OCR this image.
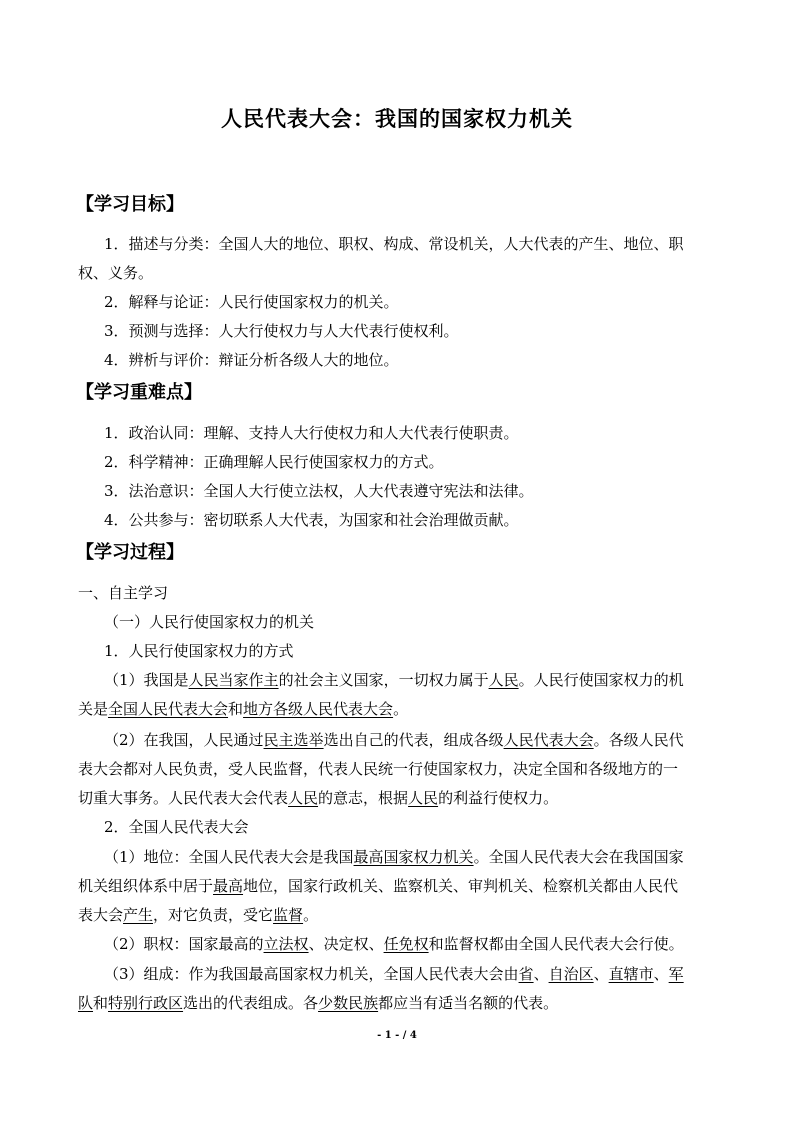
人民代表大会：我国的国家权力机关
【学习目标】
1．描述与分类：全国人大的地位、职权、构成、常设机关，人大代表的产生、地位、职
权、义务。
2．解释与论证：人民行使国家权力的机关。
3．预测与选择：人大行使权力与人大代表行使权利。
4．辨析与评价：辩证分析各级人大的地位。
【学习重难点】
1．政治认同：理解、支持人大行使权力和人大代表行使职责。
2．科学精神：正确理解人民行使国家权力的方式。
3．法治意识：全国人大行使立法权，人大代表遵守宪法和法律。
4．公共参与：密切联系人大代表，为国家和社会治理做贡献。
【学习过程】
一、自主学习
（一）人民行使国家权力的机关
1．人民行使国家权力的方式
（1）我国是人民当家作主的社会主义国家，一切权力属于人民。人民行使国家权力的机
关是全国人民代表大会和地方各级人民代表大会。
（2）在我国，人民通过民主选举选出自己的代表，组成各级人民代表大会。各级人民代
表大会都对人民负责，受人民监督，代表人民统一行使国家权力，决定全国和各级地方的一
切重大事务。人民代表大会代表人民的意志，根据人民的利益行使权力。
2．全国人民代表大会
（1）地位：全国人民代表大会是我国最高国家权力机关。全国人民代表大会在我国国家
机关组织体系中居于最高地位，国家行政机关、监察机关、审判机关、检察机关都由人民代
表大会产生，对它负责，受它监督。
（2）职权：国家最高的立法权、决定权、任免权和监督权都由全国人民代表大会行使。
（3）组成：作为我国最高国家权力机关，全国人民代表大会由省、自治区、直辖市、军
队和特别行政区选出的代表组成。各少数民族都应当有适当名额的代表。
- 1 - / 4
